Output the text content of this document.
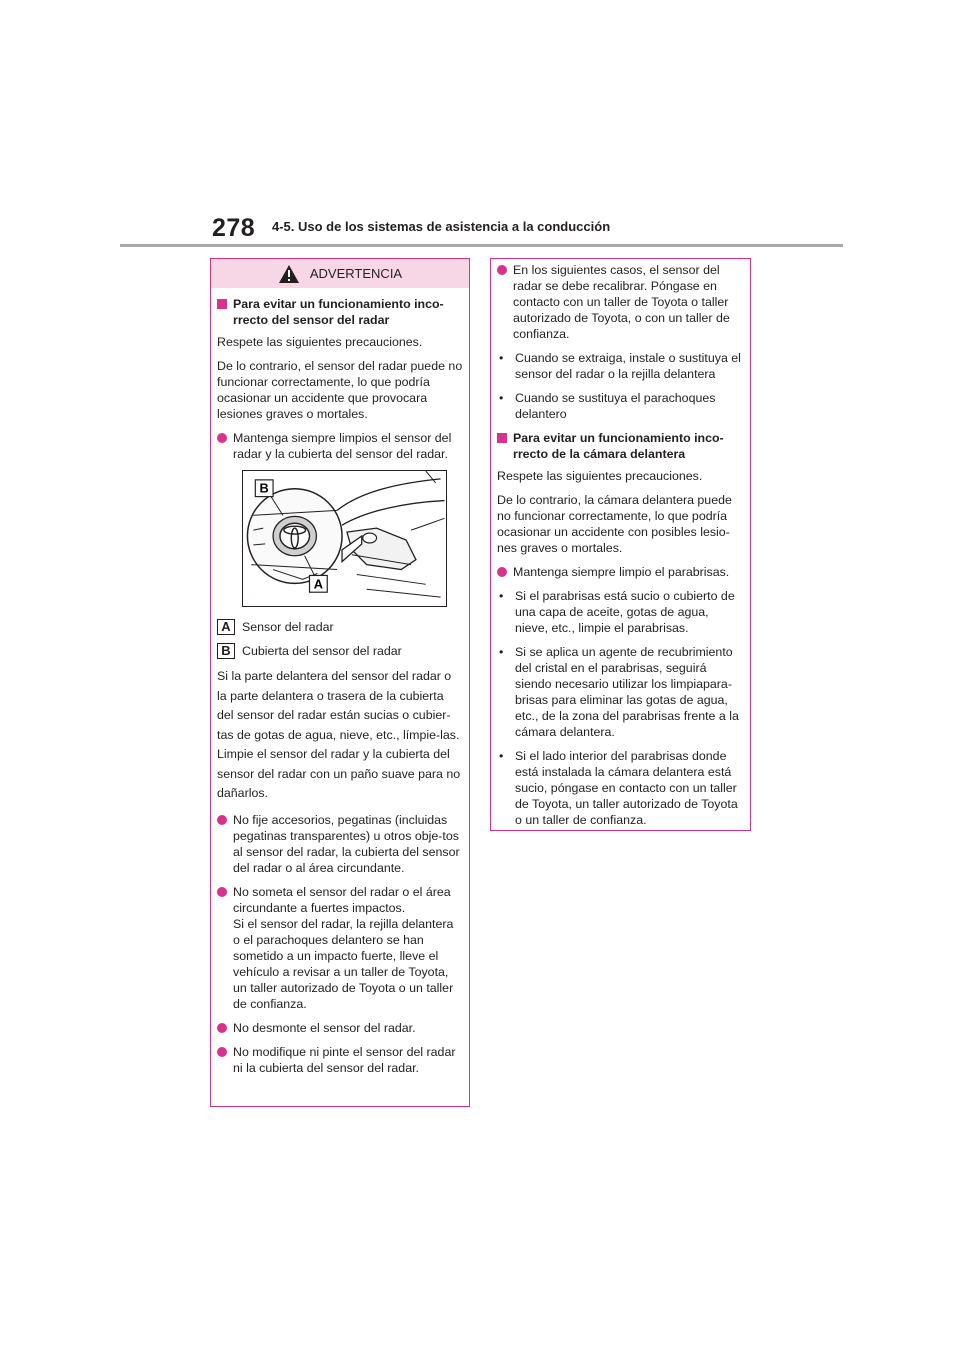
278 4-5. Uso de los sistemas de asistencia a la conducción
ADVERTENCIA
Para evitar un funcionamiento inco-rrecto del sensor del radar
Respete las siguientes precauciones.
De lo contrario, el sensor del radar puede no funcionar correctamente, lo que podría ocasionar un accidente que provocara lesiones graves o mortales.
Mantenga siempre limpios el sensor del radar y la cubierta del sensor del radar.
B
A
A Sensor del radar
B Cubierta del sensor del radar
Si la parte delantera del sensor del radar o la parte delantera o trasera de la cubierta del sensor del radar están sucias o cubier-tas de gotas de agua, nieve, etc., límpie-las.
Limpie el sensor del radar y la cubierta del sensor del radar con un paño suave para no dañarlos.
No fije accesorios, pegatinas (incluidas pegatinas transparentes) u otros obje-tos al sensor del radar, la cubierta del sensor del radar o al área circundante.
No someta el sensor del radar o el área circundante a fuertes impactos.
Si el sensor del radar, la rejilla delantera o el parachoques delantero se han sometido a un impacto fuerte, lleve el vehículo a revisar a un taller de Toyota, un taller autorizado de Toyota o un taller de confianza.
No desmonte el sensor del radar.
No modifique ni pinte el sensor del radar ni la cubierta del sensor del radar.
En los siguientes casos, el sensor del radar se debe recalibrar. Póngase en contacto con un taller de Toyota o taller autorizado de Toyota, o con un taller de confianza.
• Cuando se extraiga, instale o sustituya el sensor del radar o la rejilla delantera
• Cuando se sustituya el parachoques delantero
Para evitar un funcionamiento inco-rrecto de la cámara delantera
Respete las siguientes precauciones.
De lo contrario, la cámara delantera puede no funcionar correctamente, lo que podría ocasionar un accidente con posibles lesio-nes graves o mortales.
Mantenga siempre limpio el parabrisas.
• Si el parabrisas está sucio o cubierto de una capa de aceite, gotas de agua, nieve, etc., limpie el parabrisas.
• Si se aplica un agente de recubrimiento del cristal en el parabrisas, seguirá siendo necesario utilizar los limpiapara-brisas para eliminar las gotas de agua, etc., de la zona del parabrisas frente a la cámara delantera.
• Si el lado interior del parabrisas donde está instalada la cámara delantera está sucio, póngase en contacto con un taller de Toyota, un taller autorizado de Toyota o un taller de confianza.
